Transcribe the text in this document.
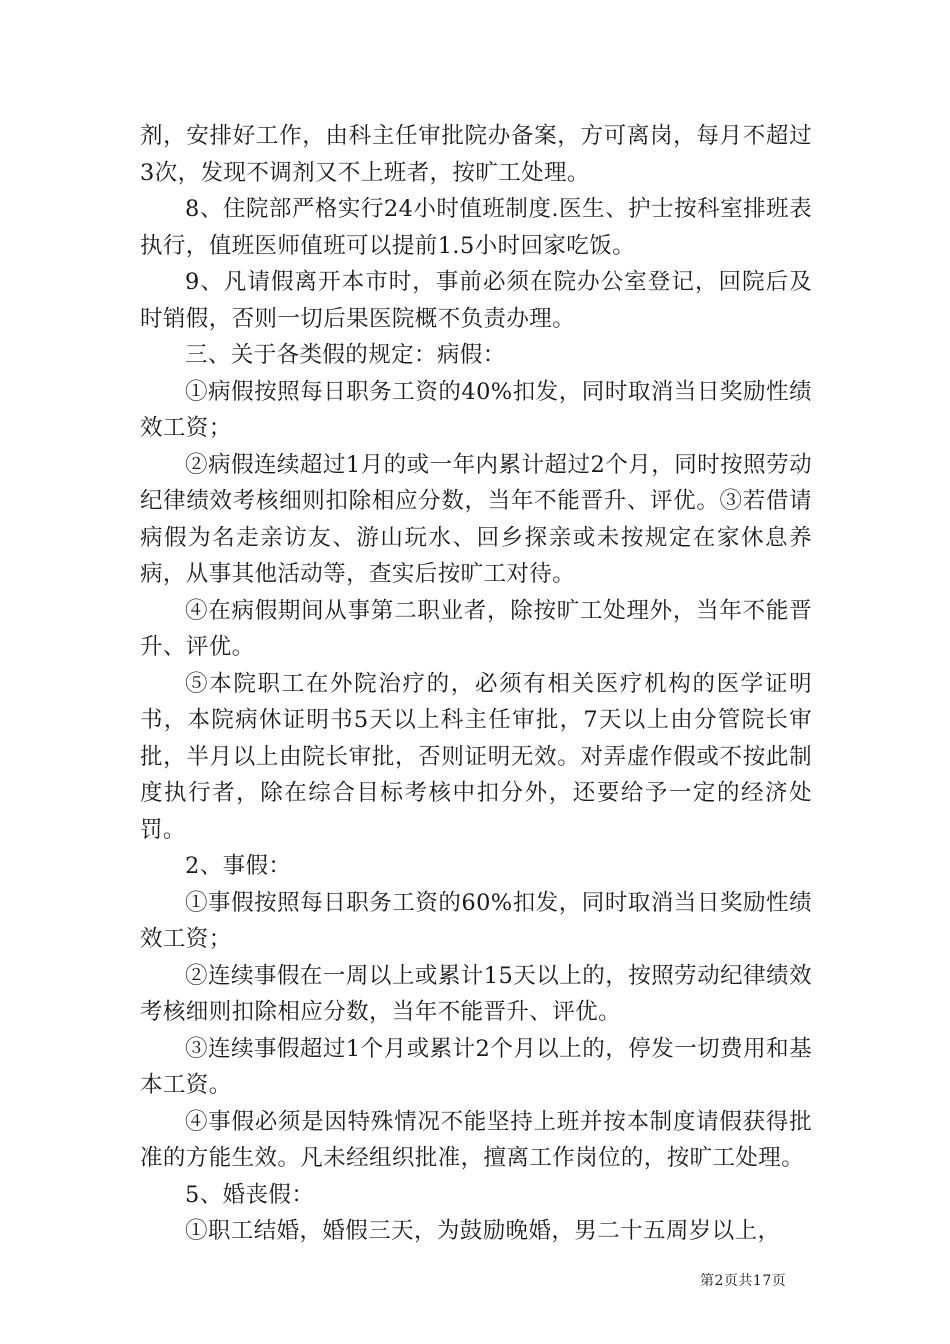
剂，安排好工作，由科主任审批院办备案，方可离岗，每月不超过3次，发现不调剂又不上班者，按旷工处理。

8、住院部严格实行24小时值班制度.医生、护士按科室排班表执行，值班医师值班可以提前1.5小时回家吃饭。

9、凡请假离开本市时，事前必须在院办公室登记，回院后及时销假，否则一切后果医院概不负责办理。

三、关于各类假的规定：病假：

①病假按照每日职务工资的40%扣发，同时取消当日奖励性绩效工资；

②病假连续超过1月的或一年内累计超过2个月，同时按照劳动纪律绩效考核细则扣除相应分数，当年不能晋升、评优。③若借请病假为名走亲访友、游山玩水、回乡探亲或未按规定在家休息养病，从事其他活动等，查实后按旷工对待。

④在病假期间从事第二职业者，除按旷工处理外，当年不能晋升、评优。

⑤本院职工在外院治疗的，必须有相关医疗机构的医学证明书，本院病休证明书5天以上科主任审批，7天以上由分管院长审批，半月以上由院长审批，否则证明无效。对弄虚作假或不按此制度执行者，除在综合目标考核中扣分外，还要给予一定的经济处罚。

2、事假：

①事假按照每日职务工资的60%扣发，同时取消当日奖励性绩效工资；

②连续事假在一周以上或累计15天以上的，按照劳动纪律绩效考核细则扣除相应分数，当年不能晋升、评优。

③连续事假超过1个月或累计2个月以上的，停发一切费用和基本工资。

④事假必须是因特殊情况不能坚持上班并按本制度请假获得批准的方能生效。凡未经组织批准，擅离工作岗位的，按旷工处理。

5、婚丧假：

①职工结婚，婚假三天，为鼓励晚婚，男二十五周岁以上，

第2页共17页
